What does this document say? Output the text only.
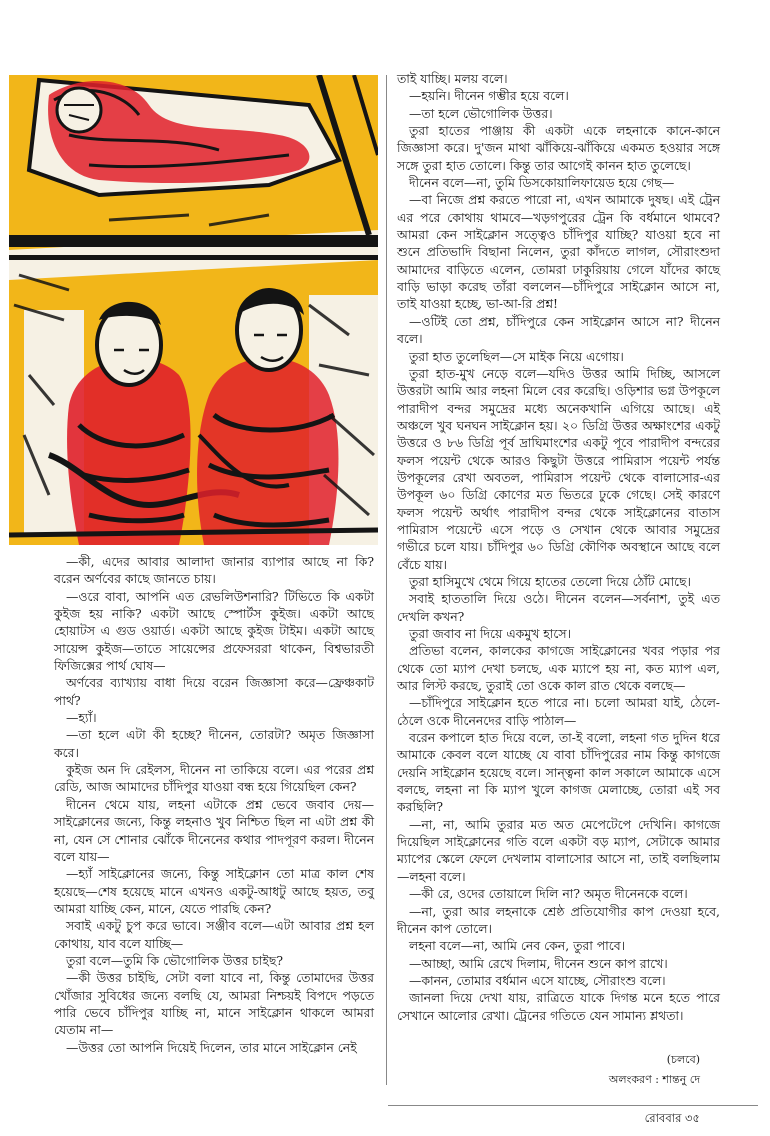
—কী, এদের আবার আলাদা জানার ব্যাপার আছে না কি? বরেন অর্ণবের কাছে জানতে চায়।

—ওরে বাবা, আপনি এত রেভলিউশনারি? টিভিতে কি একটা কুইজ হয় নাকি? একটা আছে স্পোর্টস কুইজ। একটা আছে হোয়াটস এ গুড ওয়ার্ড। একটা আছে কুইজ টাইম। একটা আছে সায়েন্স কুইজ—তাতে সায়েন্সের প্রফেসররা থাকেন, বিশ্বভারতী ফিজিক্সের পার্থ ঘোষ—

অর্ণবের ব্যাখ্যায় বাধা দিয়ে বরেন জিজ্ঞাসা করে—ফ্রেঞ্চকাট পার্থ?

—হ্যাঁ।

—তা হলে এটা কী হচ্ছে? দীনেন, তোরটা? অমৃত জিজ্ঞাসা করে।

কুইজ অন দি রেইলস, দীনেন না তাকিয়ে বলে। এর পরের প্রশ্ন রেডি, আজ আমাদের চাঁদিপুর যাওয়া বন্ধ হয়ে গিয়েছিল কেন?

দীনেন থেমে যায়, লহনা এটাকে প্রশ্ন ভেবে জবাব দেয়—সাইক্লোনের জন্যে, কিন্তু লহনাও খুব নিশ্চিত ছিল না এটা প্রশ্ন কী না, যেন সে শোনার ঝোঁকে দীনেনের কথার পাদপূরণ করল। দীনেন বলে যায়—

—হ্যাঁ সাইক্লোনের জন্যে, কিন্তু সাইক্লোন তো মাত্র কাল শেষ হয়েছে—শেষ হয়েছে মানে এখনও একটু-আধটু আছে হয়ত, তবু আমরা যাচ্ছি কেন, মানে, যেতে পারছি কেন?

সবাই একটু চুপ করে ভাবে। সঞ্জীব বলে—এটা আবার প্রশ্ন হল কোথায়, যাব বলে যাচ্ছি—

তুরা বলে—তুমি কি ভৌগোলিক উত্তর চাইছ?

—কী উত্তর চাইছি, সেটা বলা যাবে না, কিন্তু তোমাদের উত্তর খোঁজার সুবিধের জন্যে বলছি যে, আমরা নিশ্চয়ই বিপদে পড়তে পারি ভেবে চাঁদিপুর যাচ্ছি না, মানে সাইক্লোন থাকলে আমরা যেতাম না—

—উত্তর তো আপনি দিয়েই দিলেন, তার মানে সাইক্লোন নেই

তাই যাচ্ছি। মলয় বলে।

—হয়নি। দীনেন গম্ভীর হয়ে বলে।

—তা হলে ভৌগোলিক উত্তর।

তুরা হাতের পাঞ্জায় কী একটা একে লহনাকে কানে-কানে জিজ্ঞাসা করে। দু'জন মাথা ঝাঁকিয়ে-ঝাঁকিয়ে একমত হওয়ার সঙ্গে সঙ্গে তুরা হাত তোলে। কিন্তু তার আগেই কানন হাত তুলেছে।

দীনেন বলে—না, তুমি ডিসকোয়ালিফায়েড হয়ে গেছ—

—বা নিজে প্রশ্ন করতে পারো না, এখন আমাকে দুষছ। এই ট্রেন এর পরে কোথায় থামবে—খড়গপুরের ট্রেন কি বর্ধমানে থামবে? আমরা কেন সাইক্লোন সত্ত্বেও চাঁদিপুর যাচ্ছি? যাওয়া হবে না শুনে প্রতিভাদি বিছানা নিলেন, তুরা কাঁদতে লাগল, সৌরাংশুদা আমাদের বাড়িতে এলেন, তোমরা ঢাকুরিয়ায় গেলে যাঁদের কাছে বাড়ি ভাড়া করেছ তাঁরা বললেন—চাঁদিপুরে সাইক্লোন আসে না, তাই যাওয়া হচ্ছে, ভা-আ-রি প্রশ্ন!

—ওটিই তো প্রশ্ন, চাঁদিপুরে কেন সাইক্লোন আসে না? দীনেন বলে।

তুরা হাত তুলেছিল—সে মাইক নিয়ে এগোয়।

তুরা হাত-মুখ নেড়ে বলে—যদিও উত্তর আমি দিচ্ছি, আসলে উত্তরটা আমি আর লহনা মিলে বের করেছি। ওড়িশার ভগ্ন উপকূলে পারাদীপ বন্দর সমুদ্রের মধ্যে অনেকখানি এগিয়ে আছে। এই অঞ্চলে খুব ঘনঘন সাইক্লোন হয়। ২০ ডিগ্রি উত্তর অক্ষাংশের একটু উত্তরে ও ৮৬ ডিগ্রি পূর্ব দ্রাঘিমাংশের একটু পূবে পারাদীপ বন্দরের ফলস পয়েন্ট থেকে আরও কিছুটা উত্তরে পামিরাস পয়েন্ট পর্যন্ত উপকূলের রেখা অবতল, পামিরাস পয়েন্ট থেকে বালাসোর-এর উপকূল ৬০ ডিগ্রি কোণের মত ভিতরে ঢুকে গেছে। সেই কারণে ফলস পয়েন্ট অর্থাৎ পারাদীপ বন্দর থেকে সাইক্লোনের বাতাস পামিরাস পয়েন্টে এসে পড়ে ও সেখান থেকে আবার সমুদ্রের গভীরে চলে যায়। চাঁদিপুর ৬০ ডিগ্রি কৌণিক অবস্থানে আছে বলে বেঁচে যায়।

তুরা হাসিমুখে থেমে গিয়ে হাতের তেলো দিয়ে ঠোঁট মোছে।

সবাই হাততালি দিয়ে ওঠে। দীনেন বলেন—সর্বনাশ, তুই এত দেখলি কখন?

তুরা জবাব না দিয়ে একমুখ হাসে।

প্রতিভা বলেন, কালকের কাগজে সাইক্লোনের খবর পড়ার পর থেকে তো ম্যাপ দেখা চলছে, এক ম্যাপে হয় না, কত ম্যাপ এল, আর লিস্ট করছে, তুরাই তো ওকে কাল রাত থেকে বলছে—

—চাঁদিপুরে সাইক্লোন হতে পারে না। চলো আমরা যাই, ঠেলে-ঠেলে ওকে দীনেনদের বাড়ি পাঠাল—

বরেন কপালে হাত দিয়ে বলে, তা-ই বলো, লহনা গত দুদিন ধরে আমাকে কেবল বলে যাচ্ছে যে বাবা চাঁদিপুরের নাম কিন্তু কাগজে দেয়নি সাইক্লোন হয়েছে বলে। সান্ত্বনা কাল সকালে আমাকে এসে বলছে, লহনা না কি ম্যাপ খুলে কাগজ মেলাচ্ছে, তোরা এই সব করছিলি?

—না, না, আমি তুরার মত অত মেপেটেপে দেখিনি। কাগজে দিয়েছিল সাইক্লোনের গতি বলে একটা বড় ম্যাপ, সেটাকে আমার ম্যাপের স্কেলে ফেলে দেখলাম বালাসোর আসে না, তাই বলছিলাম—লহনা বলে।

—কী রে, ওদের তোয়ালে দিলি না? অমৃত দীনেনকে বলে।

—না, তুরা আর লহনাকে শ্রেষ্ঠ প্রতিযোগীর কাপ দেওয়া হবে, দীনেন কাপ তোলে।

লহনা বলে—না, আমি নেব কেন, তুরা পাবে।

—আচ্ছা, আমি রেখে দিলাম, দীনেন শুনে কাপ রাখে।

—কানন, তোমার বর্ধমান এসে যাচ্ছে, সৌরাংশু বলে।

জানলা দিয়ে দেখা যায়, রাত্রিতে যাকে দিগন্ত মনে হতে পারে সেখানে আলোর রেখা। ট্রেনের গতিতে যেন সামান্য শ্লথতা।

(চলবে)
অলংকরণ : শান্তনু দে
রোববার ৩৫
